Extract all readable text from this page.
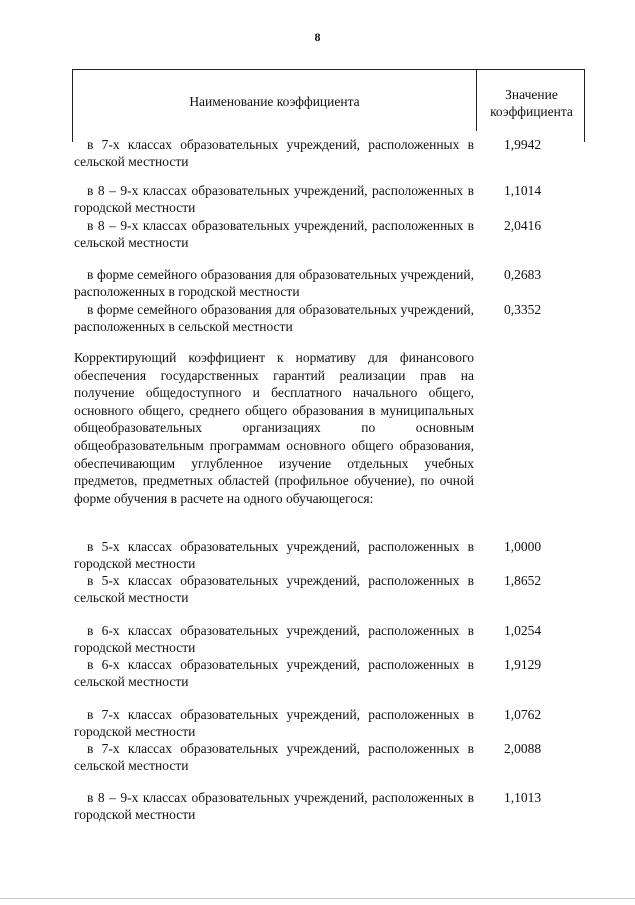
8
Наименование коэффициента	Значение
коэффициента
в 7-х классах образовательных учреждений, расположенных в сельской местности
1,9942
в 8 – 9-х классах образовательных учреждений, расположенных в городской местности
1,1014
в 8 – 9-х классах образовательных учреждений, расположенных в сельской местности
2,0416
в форме семейного образования для образовательных учреждений, расположенных в городской местности
0,2683
в форме семейного образования для образовательных учреждений, расположенных в сельской местности
0,3352
Корректирующий коэффициент к нормативу для финансового обеспечения государственных гарантий реализации прав на получение общедоступного и бесплатного начального общего, основного общего, среднего общего образования в муниципальных общеобразовательных организациях по основным общеобразовательным программам основного общего образования, обеспечивающим углубленное изучение отдельных учебных предметов, предметных областей (профильное обучение), по очной форме обучения в расчете на одного обучающегося:
в 5-х классах образовательных учреждений, расположенных в городской местности
1,0000
в 5-х классах образовательных учреждений, расположенных в сельской местности
1,8652
в 6-х классах образовательных учреждений, расположенных в городской местности
1,0254
в 6-х классах образовательных учреждений, расположенных в сельской местности
1,9129
в 7-х классах образовательных учреждений, расположенных в городской местности
1,0762
в 7-х классах образовательных учреждений, расположенных в сельской местности
2,0088
в 8 – 9-х классах образовательных учреждений, расположенных в городской местности
1,1013
